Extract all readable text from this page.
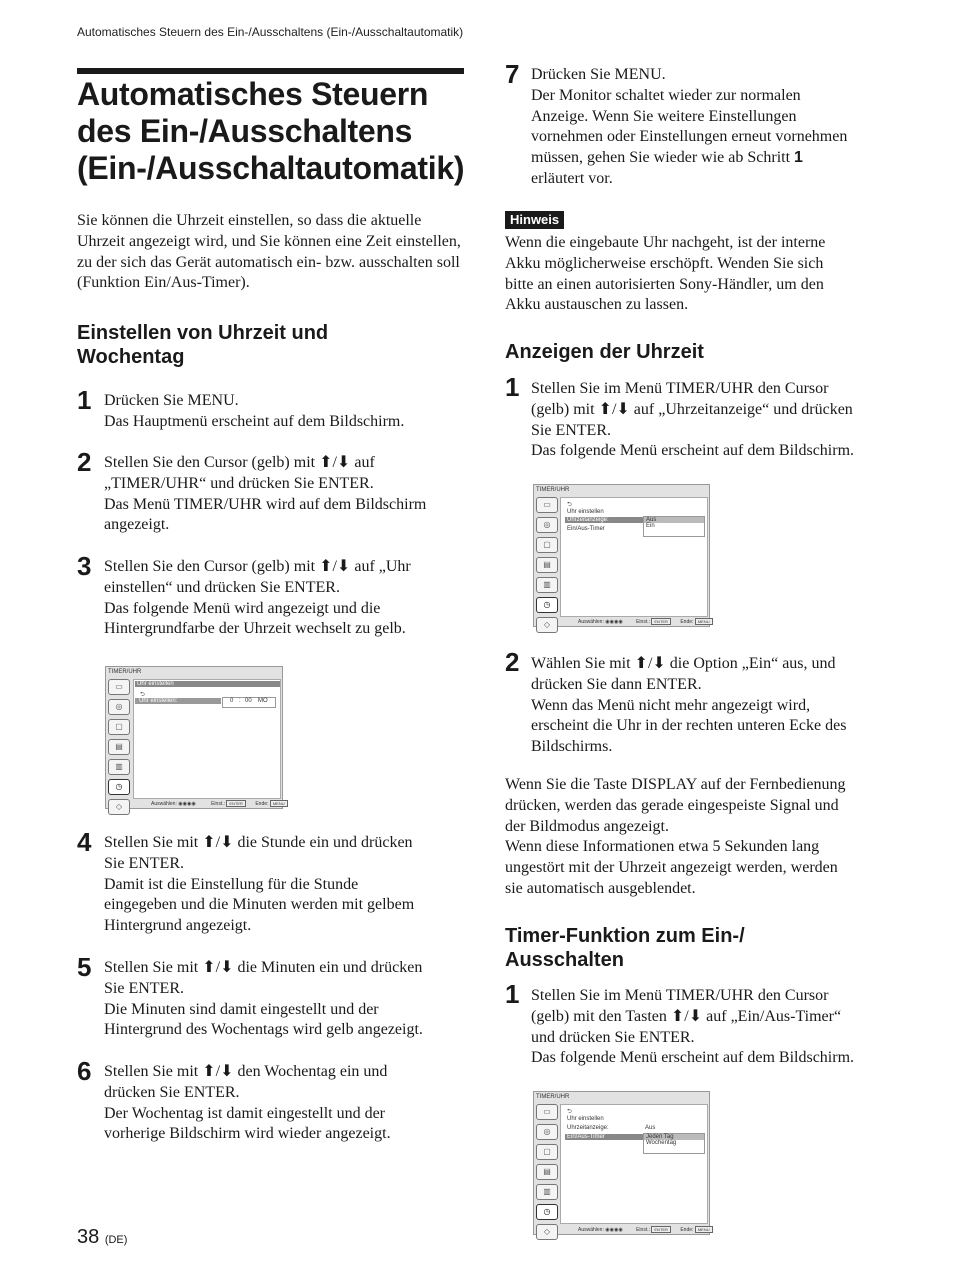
Automatisches Steuern des Ein-/Ausschaltens (Ein-/Ausschaltautomatik)
Automatisches Steuern
des Ein-/Ausschaltens
(Ein-/Ausschaltautomatik)
Sie können die Uhrzeit einstellen, so dass die aktuelle Uhrzeit angezeigt wird, und Sie können eine Zeit einstellen, zu der sich das Gerät automatisch ein- bzw. ausschalten soll (Funktion Ein/Aus-Timer).
Einstellen von Uhrzeit und
Wochentag
1 Drücken Sie MENU.
Das Hauptmenü erscheint auf dem Bildschirm.
2 Stellen Sie den Cursor (gelb) mit ⬆/⬇ auf
„TIMER/UHR“ und drücken Sie ENTER.
Das Menü TIMER/UHR wird auf dem Bildschirm
angezeigt.
3 Stellen Sie den Cursor (gelb) mit ⬆/⬇ auf „Uhr
einstellen“ und drücken Sie ENTER.
Das folgende Menü wird angezeigt und die
Hintergrundfarbe der Uhrzeit wechselt zu gelb.
TIMER/UHR
▭
◎
▢
▤
▥
◷
◇
Uhr einstellen
⮌
Uhr einstellen:	0 : 00 MO
Auswählen: ◉◉◉◉	Einst.: ENTER Ende: MENU
4 Stellen Sie mit ⬆/⬇ die Stunde ein und drücken
Sie ENTER.
Damit ist die Einstellung für die Stunde
eingegeben und die Minuten werden mit gelbem
Hintergrund angezeigt.
5 Stellen Sie mit ⬆/⬇ die Minuten ein und drücken
Sie ENTER.
Die Minuten sind damit eingestellt und der
Hintergrund des Wochentags wird gelb angezeigt.
6 Stellen Sie mit ⬆/⬇ den Wochentag ein und
drücken Sie ENTER.
Der Wochentag ist damit eingestellt und der
vorherige Bildschirm wird wieder angezeigt.
38 (DE)
7 Drücken Sie MENU.
Der Monitor schaltet wieder zur normalen
Anzeige. Wenn Sie weitere Einstellungen
vornehmen oder Einstellungen erneut vornehmen
müssen, gehen Sie wieder wie ab Schritt 1
erläutert vor.
Hinweis
Wenn die eingebaute Uhr nachgeht, ist der interne
Akku möglicherweise erschöpft. Wenden Sie sich
bitte an einen autorisierten Sony-Händler, um den
Akku austauschen zu lassen.
Anzeigen der Uhrzeit
1 Stellen Sie im Menü TIMER/UHR den Cursor
(gelb) mit ⬆/⬇ auf „Uhrzeitanzeige“ und drücken
Sie ENTER.
Das folgende Menü erscheint auf dem Bildschirm.
TIMER/UHR
▭
◎
▢
▤
▥
◷
◇
⮌
Uhr einstellen
Uhrzeitanzeige:
Ein/Aus-Timer
Aus
Ein
Auswählen: ◉◉◉◉ Einst.: ENTER Ende: MENU
2 Wählen Sie mit ⬆/⬇ die Option „Ein“ aus, und
drücken Sie dann ENTER.
Wenn das Menü nicht mehr angezeigt wird,
erscheint die Uhr in der rechten unteren Ecke des
Bildschirms.
Wenn Sie die Taste DISPLAY auf der Fernbedienung
drücken, werden das gerade eingespeiste Signal und
der Bildmodus angezeigt.
Wenn diese Informationen etwa 5 Sekunden lang
ungestört mit der Uhrzeit angezeigt werden, werden
sie automatisch ausgeblendet.
Timer-Funktion zum Ein-/
Ausschalten
1 Stellen Sie im Menü TIMER/UHR den Cursor
(gelb) mit den Tasten ⬆/⬇ auf „Ein/Aus-Timer“
und drücken Sie ENTER.
Das folgende Menü erscheint auf dem Bildschirm.
TIMER/UHR
▭
◎
▢
▤
▥
◷
◇
⮌
Uhr einstellen
Uhrzeitanzeige:	Aus
Ein/Aus-Timer	Jeden Tag
Wochentag
Auswählen: ◉◉◉◉ Einst.: ENTER Ende: MENU
